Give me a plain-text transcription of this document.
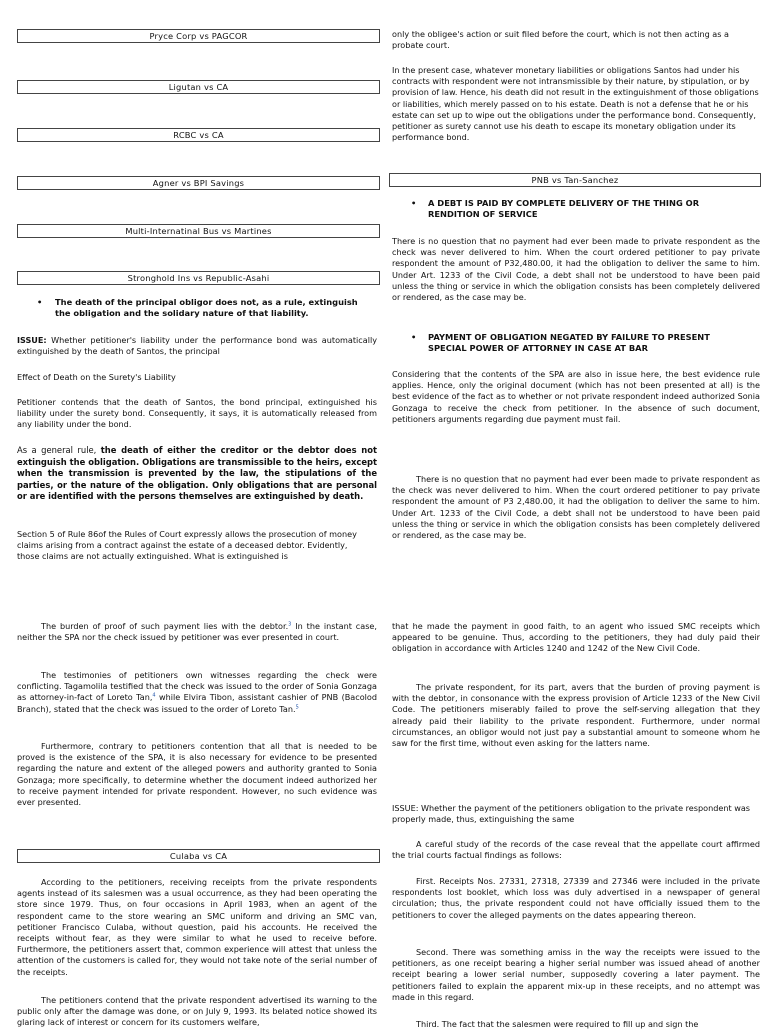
Pryce Corp vs PAGCOR
Ligutan vs CA
RCBC vs CA
Agner vs BPI Savings
Multi-Internatinal Bus vs Martines
Stronghold Ins vs Republic-Asahi
•	The death of the principal obligor does not, as a rule, extinguish the obligation and the solidary nature of that liability.

ISSUE: Whether petitioner's liability under the performance bond was automatically extinguished by the death of Santos, the principal

Effect of Death on the Surety's Liability

Petitioner contends that the death of Santos, the bond principal, extinguished his liability under the surety bond. Consequently, it says, it is automatically released from any liability under the bond.

As a general rule, the death of either the creditor or the debtor does not extinguish the obligation. Obligations are transmissible to the heirs, except when the transmission is prevented by the law, the stipulations of the parties, or the nature of the obligation. Only obligations that are personal or are identified with the persons themselves are extinguished by death.

Section 5 of Rule 86of the Rules of Court expressly allows the prosecution of money claims arising from a contract against the estate of a deceased debtor. Evidently, those claims are not actually extinguished. What is extinguished is

only the obligee's action or suit filed before the court, which is not then acting as a probate court.

In the present case, whatever monetary liabilities or obligations Santos had under his contracts with respondent were not intransmissible by their nature, by stipulation, or by provision of law. Hence, his death did not result in the extinguishment of those obligations or liabilities, which merely passed on to his estate. Death is not a defense that he or his estate can set up to wipe out the obligations under the performance bond. Consequently, petitioner as surety cannot use his death to escape its monetary obligation under its performance bond.

PNB vs Tan-Sanchez
•	A DEBT IS PAID BY COMPLETE DELIVERY OF THE THING OR RENDITION OF SERVICE

There is no question that no payment had ever been made to private respondent as the check was never delivered to him. When the court ordered petitioner to pay private respondent the amount of P32,480.00, it had the obligation to deliver the same to him. Under Art. 1233 of the Civil Code, a debt shall not be understood to have been paid unless the thing or service in which the obligation consists has been completely delivered or rendered, as the case may be.

•	PAYMENT OF OBLIGATION NEGATED BY FAILURE TO PRESENT SPECIAL POWER OF ATTORNEY IN CASE AT BAR

Considering that the contents of the SPA are also in issue here, the best evidence rule applies. Hence, only the original document (which has not been presented at all) is the best evidence of the fact as to whether or not private respondent indeed authorized Sonia Gonzaga to receive the check from petitioner. In the absence of such document, petitioners arguments regarding due payment must fail.

There is no question that no payment had ever been made to private respondent as the check was never delivered to him. When the court ordered petitioner to pay private respondent the amount of P3 2,480.00, it had the obligation to deliver the same to him. Under Art. 1233 of the Civil Code, a debt shall not be understood to have been paid unless the thing or service in which the obligation consists has been completely delivered or rendered, as the case may be.

The burden of proof of such payment lies with the debtor.$^3$ In the instant case, neither the SPA nor the check issued by petitioner was ever presented in court.

The testimonies of petitioners own witnesses regarding the check were conflicting. Tagamolila testified that the check was issued to the order of Sonia Gonzaga as attorney-in-fact of Loreto Tan,$^4$ while Elvira Tibon, assistant cashier of PNB (Bacolod Branch), stated that the check was issued to the order of Loreto Tan.$^5$

Furthermore, contrary to petitioners contention that all that is needed to be proved is the existence of the SPA, it is also necessary for evidence to be presented regarding the nature and extent of the alleged powers and authority granted to Sonia Gonzaga; more specifically, to determine whether the document indeed authorized her to receive payment intended for private respondent. However, no such evidence was ever presented.

Culaba vs CA

According to the petitioners, receiving receipts from the private respondents agents instead of its salesmen was a usual occurrence, as they had been operating the store since 1979. Thus, on four occasions in April 1983, when an agent of the respondent came to the store wearing an SMC uniform and driving an SMC van, petitioner Francisco Culaba, without question, paid his accounts. He received the receipts without fear, as they were similar to what he used to receive before. Furthermore, the petitioners assert that, common experience will attest that unless the attention of the customers is called for, they would not take note of the serial number of the receipts.

The petitioners contend that the private respondent advertised its warning to the public only after the damage was done, or on July 9, 1993. Its belated notice showed its glaring lack of interest or concern for its customers welfare,

that he made the payment in good faith, to an agent who issued SMC receipts which appeared to be genuine. Thus, according to the petitioners, they had duly paid their obligation in accordance with Articles 1240 and 1242 of the New Civil Code.

The private respondent, for its part, avers that the burden of proving payment is with the debtor, in consonance with the express provision of Article 1233 of the New Civil Code. The petitioners miserably failed to prove the self-serving allegation that they already paid their liability to the private respondent. Furthermore, under normal circumstances, an obligor would not just pay a substantial amount to someone whom he saw for the first time, without even asking for the latters name.

ISSUE: Whether the payment of the petitioners obligation to the private respondent was properly made, thus, extinguishing the same

A careful study of the records of the case reveal that the appellate court affirmed the trial courts factual findings as follows:

First. Receipts Nos. 27331, 27318, 27339 and 27346 were included in the private respondents lost booklet, which loss was duly advertised in a newspaper of general circulation; thus, the private respondent could not have officially issued them to the petitioners to cover the alleged payments on the dates appearing thereon.

Second. There was something amiss in the way the receipts were issued to the petitioners, as one receipt bearing a higher serial number was issued ahead of another receipt bearing a lower serial number, supposedly covering a later payment. The petitioners failed to explain the apparent mix-up in these receipts, and no attempt was made in this regard.

Third. The fact that the salesmen were required to fill up and sign the
